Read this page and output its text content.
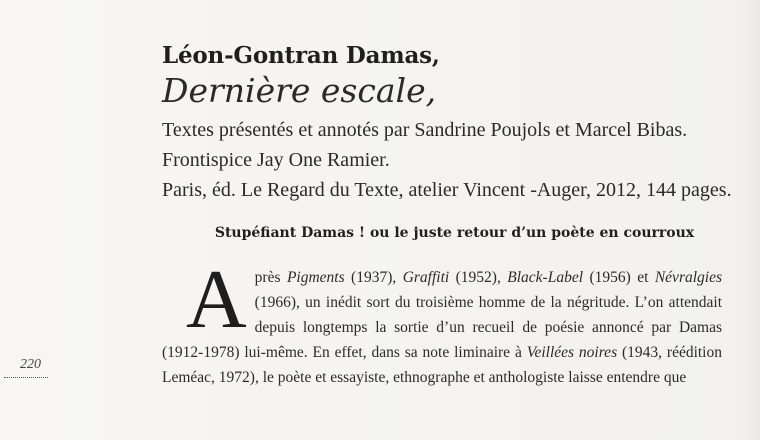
Léon-Gontran Damas,
Dernière escale,
Textes présentés et annotés par Sandrine Poujols et Marcel Bibas.
Frontispice Jay One Ramier.
Paris, éd. Le Regard du Texte, atelier Vincent -Auger, 2012, 144 pages.
Stupéfiant Damas ! ou le juste retour d’un poète en courroux
A près Pigments (1937), Graffiti (1952), Black-Label (1956) et Névralgies (1966), un inédit sort du troisième homme de la négritude. L’on attendait depuis longtemps la sortie d’un recueil de poésie annoncé par Damas (1912-1978) lui-même. En effet, dans sa note liminaire à Veillées noires (1943, réédition Leméac, 1972), le poète et essayiste, ethnographe et anthologiste laisse entendre que

220
